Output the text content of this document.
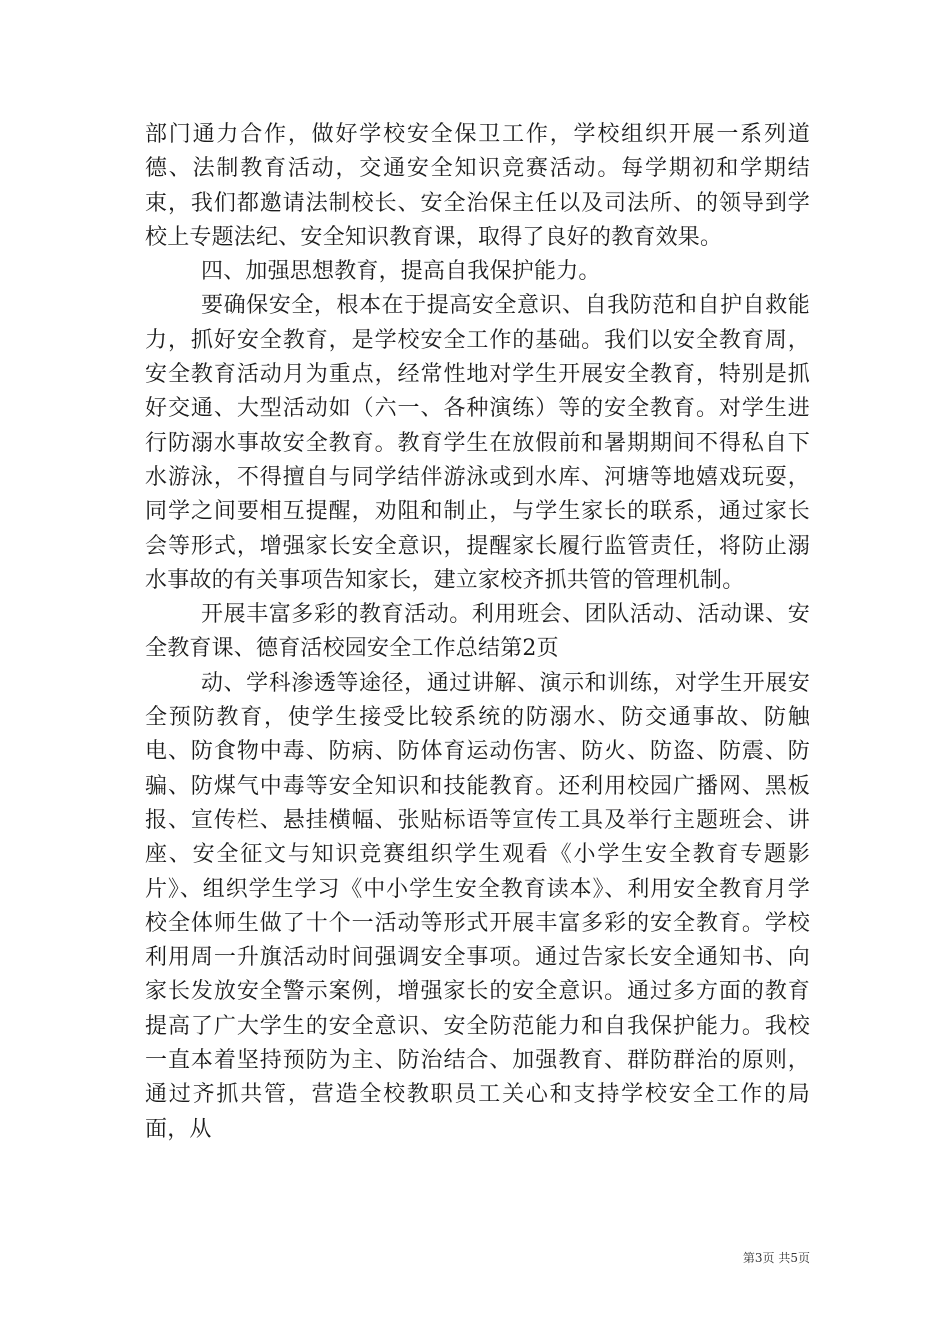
部门通力合作，做好学校安全保卫工作，学校组织开展一系列道德、法制教育活动，交通安全知识竞赛活动。每学期初和学期结束，我们都邀请法制校长、安全治保主任以及司法所、的领导到学校上专题法纪、安全知识教育课，取得了良好的教育效果。

四、加强思想教育，提高自我保护能力。

要确保安全，根本在于提高安全意识、自我防范和自护自救能力，抓好安全教育，是学校安全工作的基础。我们以安全教育周，安全教育活动月为重点，经常性地对学生开展安全教育，特别是抓好交通、大型活动如（六一、各种演练）等的安全教育。对学生进行防溺水事故安全教育。教育学生在放假前和暑期期间不得私自下水游泳，不得擅自与同学结伴游泳或到水库、河塘等地嬉戏玩耍，同学之间要相互提醒，劝阻和制止，与学生家长的联系，通过家长会等形式，增强家长安全意识，提醒家长履行监管责任，将防止溺水事故的有关事项告知家长，建立家校齐抓共管的管理机制。

开展丰富多彩的教育活动。利用班会、团队活动、活动课、安全教育课、德育活校园安全工作总结第2页

动、学科渗透等途径，通过讲解、演示和训练，对学生开展安全预防教育，使学生接受比较系统的防溺水、防交通事故、防触电、防食物中毒、防病、防体育运动伤害、防火、防盗、防震、防骗、防煤气中毒等安全知识和技能教育。还利用校园广播网、黑板报、宣传栏、悬挂横幅、张贴标语等宣传工具及举行主题班会、讲座、安全征文与知识竞赛组织学生观看《小学生安全教育专题影片》、组织学生学习《中小学生安全教育读本》、利用安全教育月学校全体师生做了十个一活动等形式开展丰富多彩的安全教育。学校利用周一升旗活动时间强调安全事项。通过告家长安全通知书、向家长发放安全警示案例，增强家长的安全意识。通过多方面的教育提高了广大学生的安全意识、安全防范能力和自我保护能力。我校一直本着坚持预防为主、防治结合、加强教育、群防群治的原则，通过齐抓共管，营造全校教职员工关心和支持学校安全工作的局面，从

第3页 共5页
